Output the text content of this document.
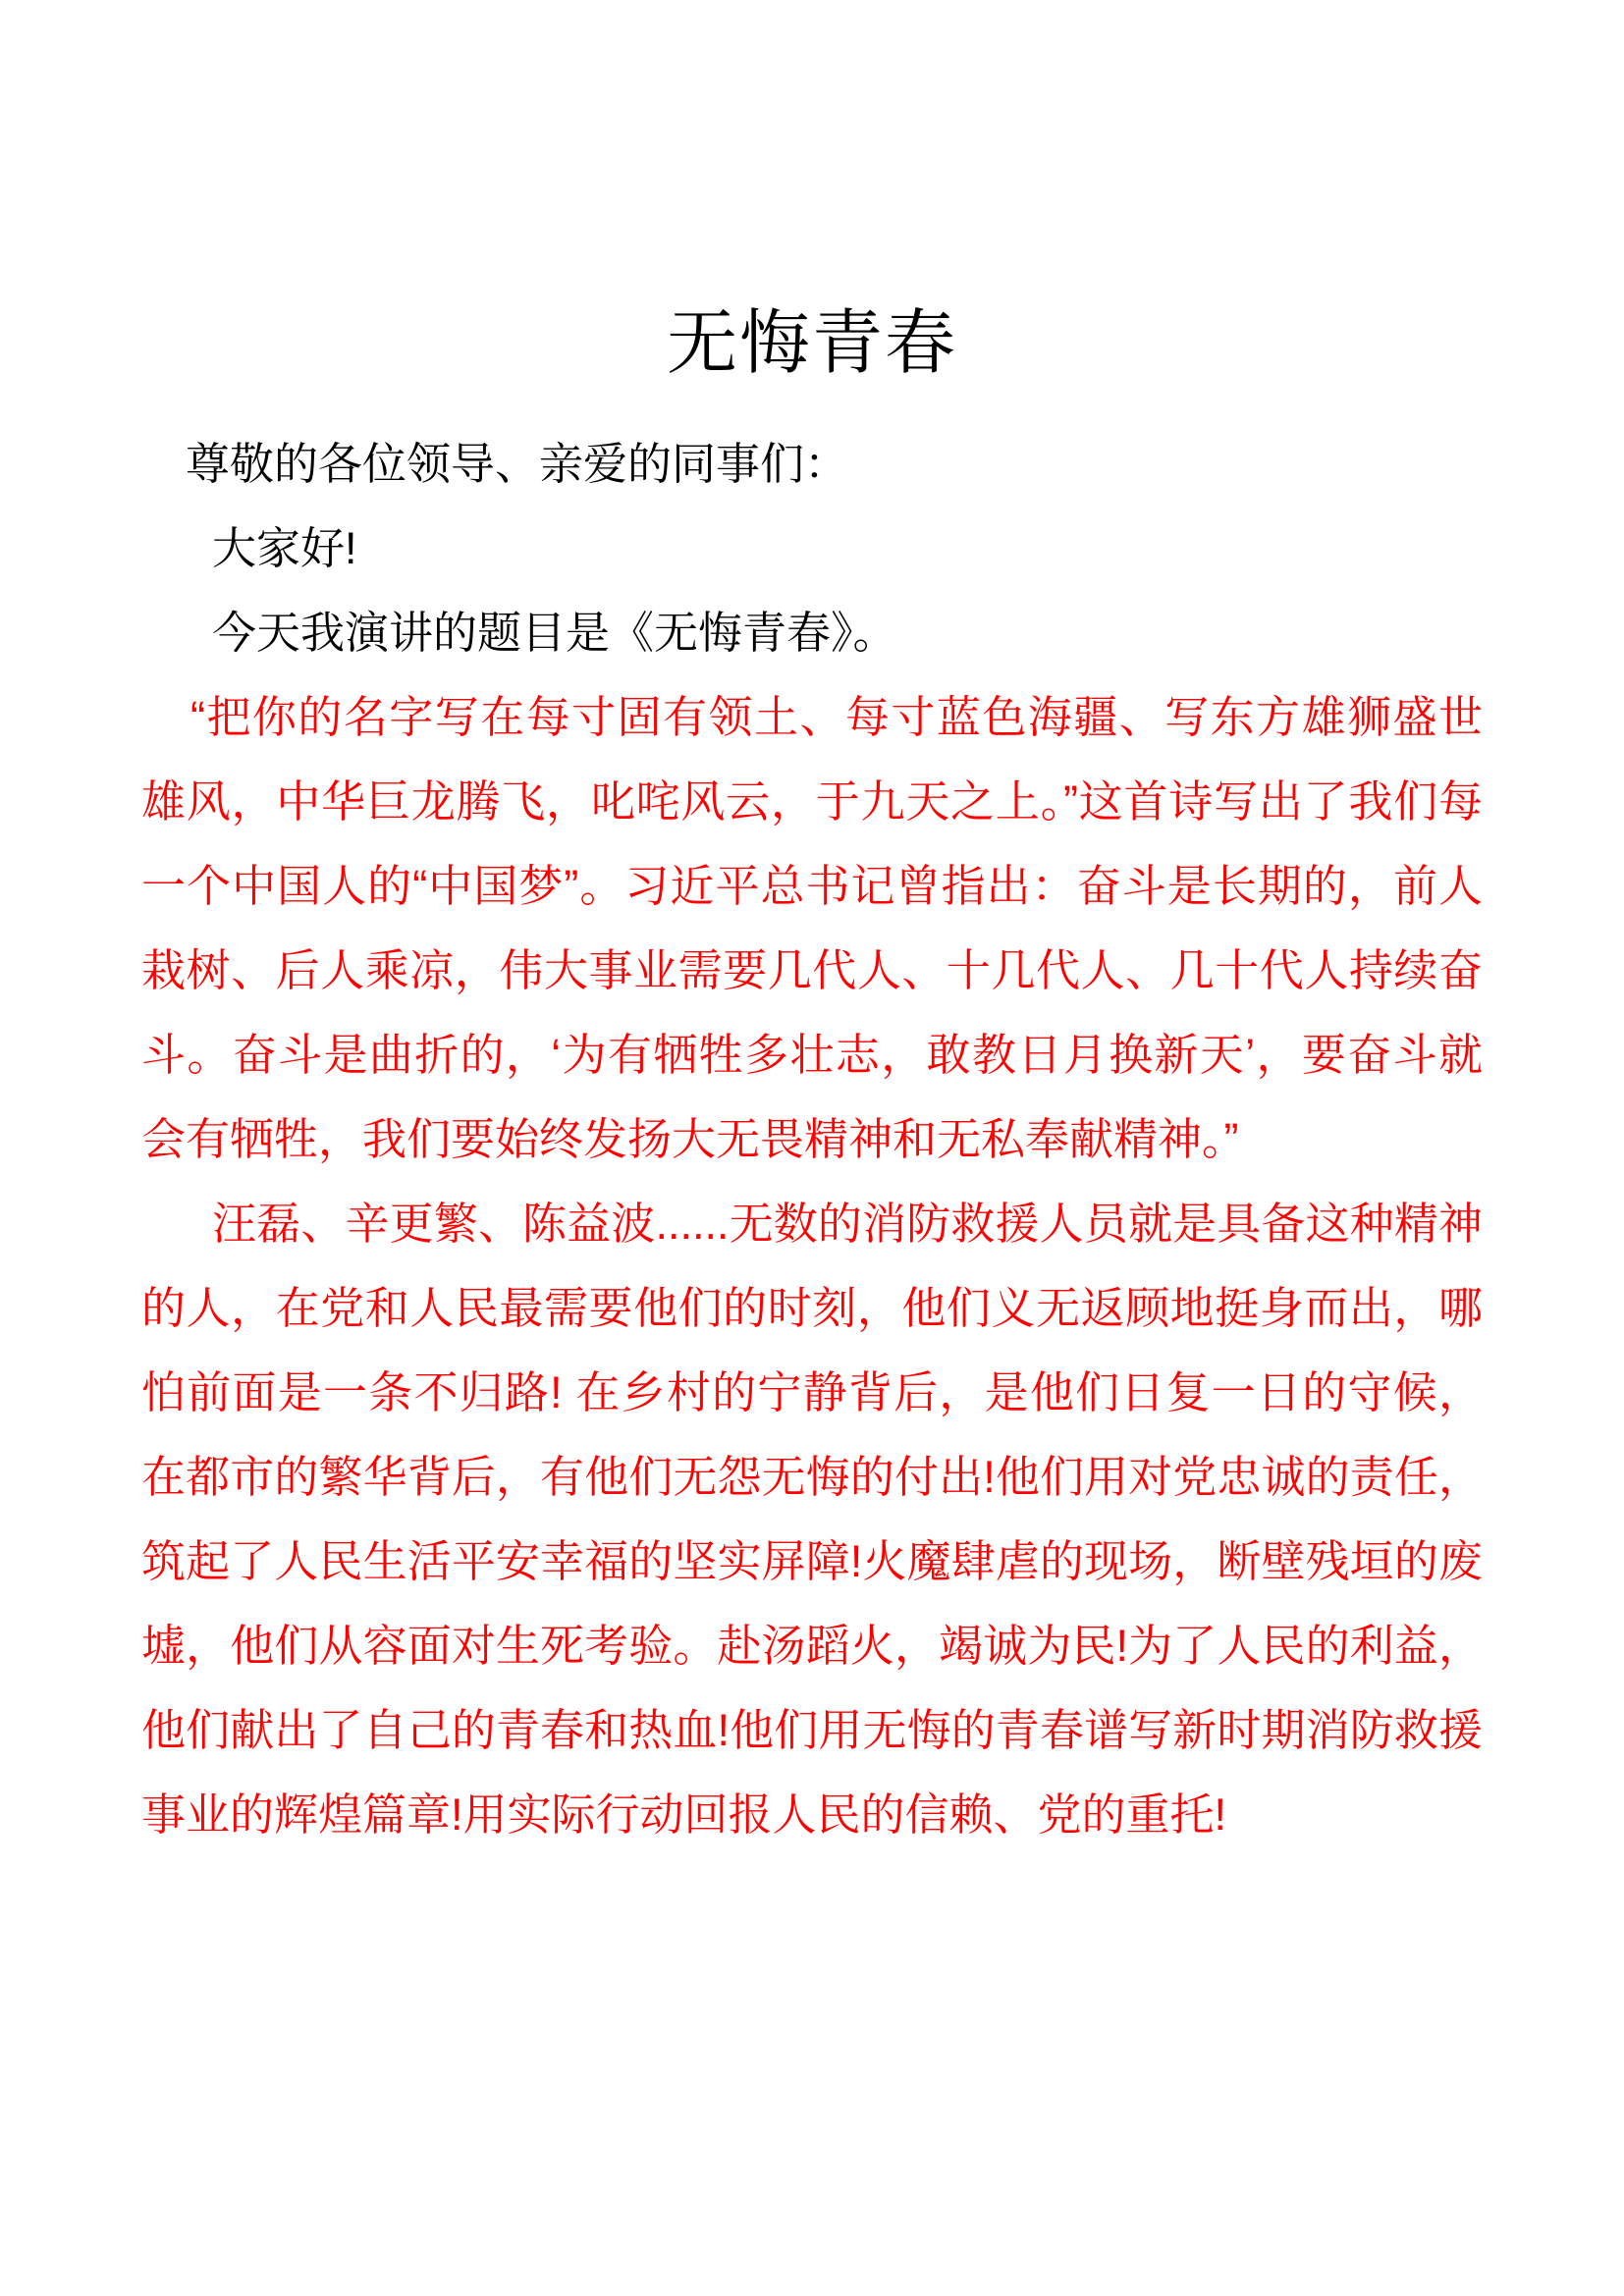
无悔青春

尊敬的各位领导、亲爱的同事们：

大家好!

今天我演讲的题目是《无悔青春》。

“把你的名字写在每寸固有领土、每寸蓝色海疆、写东方雄狮盛世雄风，中华巨龙腾飞，叱咤风云，于九天之上。”这首诗写出了我们每一个中国人的“中国梦”。习近平总书记曾指出：奋斗是长期的，前人栽树、后人乘凉，伟大事业需要几代人、十几代人、几十代人持续奋斗。奋斗是曲折的，‘为有牺牲多壮志，敢教日月换新天’，要奋斗就会有牺牲，我们要始终发扬大无畏精神和无私奉献精神。”

汪磊、辛更繁、陈益波......无数的消防救援人员就是具备这种精神的人，在党和人民最需要他们的时刻，他们义无返顾地挺身而出，哪怕前面是一条不归路! 在乡村的宁静背后，是他们日复一日的守候，在都市的繁华背后，有他们无怨无悔的付出!他们用对党忠诚的责任，筑起了人民生活平安幸福的坚实屏障!火魔肆虐的现场，断壁残垣的废墟，他们从容面对生死考验。赴汤蹈火，竭诚为民!为了人民的利益，他们献出了自己的青春和热血!他们用无悔的青春谱写新时期消防救援事业的辉煌篇章!用实际行动回报人民的信赖、党的重托!
